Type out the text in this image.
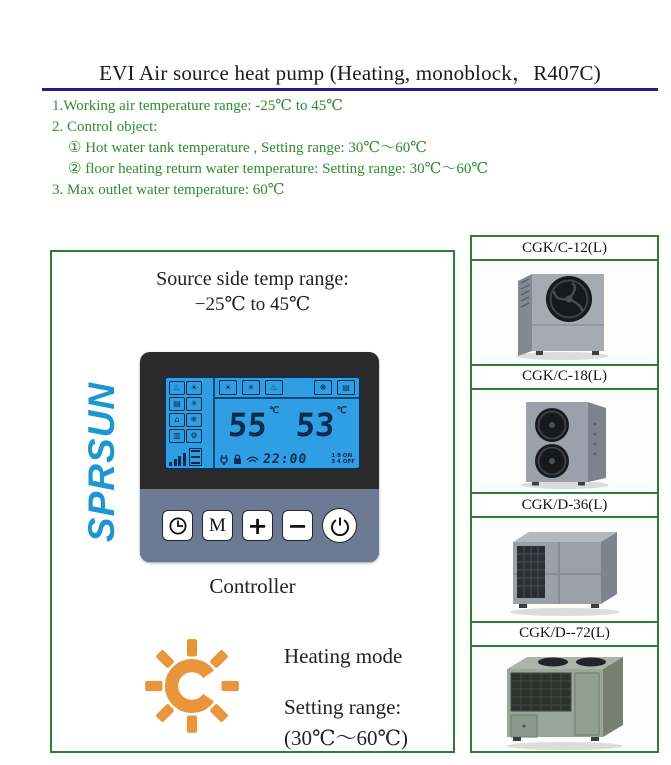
EVI Air source heat pump (Heating, monoblock，R407C)
1.Working air temperature range: -25℃ to 45℃
2. Control object:
① Hot water tank temperature , Setting range: 30℃～60℃
② floor heating return water temperature: Setting range: 30℃～60℃
3. Max outlet water temperature: 60℃
Source side temp range:
−25℃ to 45℃
SPRSUN	♨	☀
▤	✳
⌂	❄
▥	⚙
☀	✳	♨	❋	▤
55℃ 53℃
22:00	1 8 ON
3 4 OFF
M + −
Controller
Heating mode
Setting range:
(30℃～60℃)
CGK/C-12(L)
CGK/C-18(L)
CGK/D-36(L)
CGK/D--72(L)
